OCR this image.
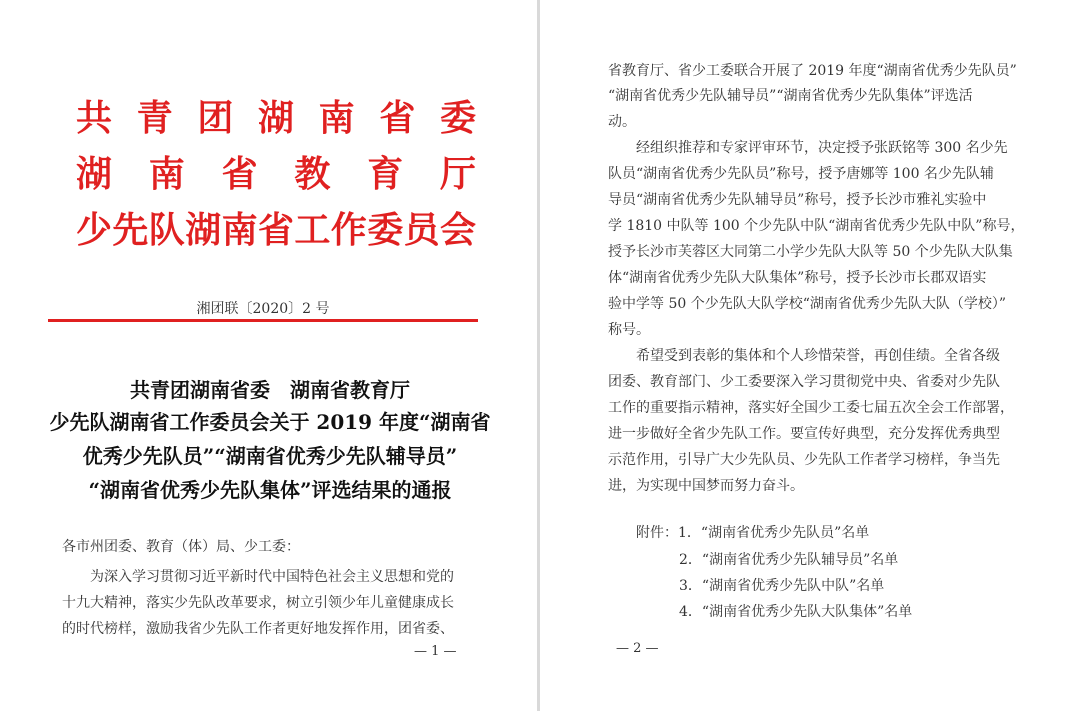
共青团湖南省委
湖南省教育厅
少先队湖南省工作委员会
湘团联〔2020〕2 号
共青团湖南省委　湖南省教育厅
少先队湖南省工作委员会关于 2019 年度“湖南省
优秀少先队员”“湖南省优秀少先队辅导员”
“湖南省优秀少先队集体”评选结果的通报
各市州团委、教育（体）局、少工委：
为深入学习贯彻习近平新时代中国特色社会主义思想和党的
十九大精神，落实少先队改革要求，树立引领少年儿童健康成长
的时代榜样，激励我省少先队工作者更好地发挥作用，团省委、
— 1 —
省教育厅、省少工委联合开展了 2019 年度“湖南省优秀少先队员”
“湖南省优秀少先队辅导员”“湖南省优秀少先队集体”评选活
动。
经组织推荐和专家评审环节，决定授予张跃铭等 300 名少先
队员“湖南省优秀少先队员”称号，授予唐娜等 100 名少先队辅
导员“湖南省优秀少先队辅导员”称号，授予长沙市雅礼实验中
学 1810 中队等 100 个少先队中队“湖南省优秀少先队中队”称号，
授予长沙市芙蓉区大同第二小学少先队大队等 50 个少先队大队集
体“湖南省优秀少先队大队集体”称号，授予长沙市长郡双语实
验中学等 50 个少先队大队学校“湖南省优秀少先队大队（学校）”
称号。
希望受到表彰的集体和个人珍惜荣誉，再创佳绩。全省各级
团委、教育部门、少工委要深入学习贯彻党中央、省委对少先队
工作的重要指示精神，落实好全国少工委七届五次全会工作部署，
进一步做好全省少先队工作。要宣传好典型，充分发挥优秀典型
示范作用，引导广大少先队员、少先队工作者学习榜样，争当先
进，为实现中国梦而努力奋斗。
附件：1．“湖南省优秀少先队员”名单
2．“湖南省优秀少先队辅导员”名单
3．“湖南省优秀少先队中队”名单
4．“湖南省优秀少先队大队集体”名单
— 2 —
